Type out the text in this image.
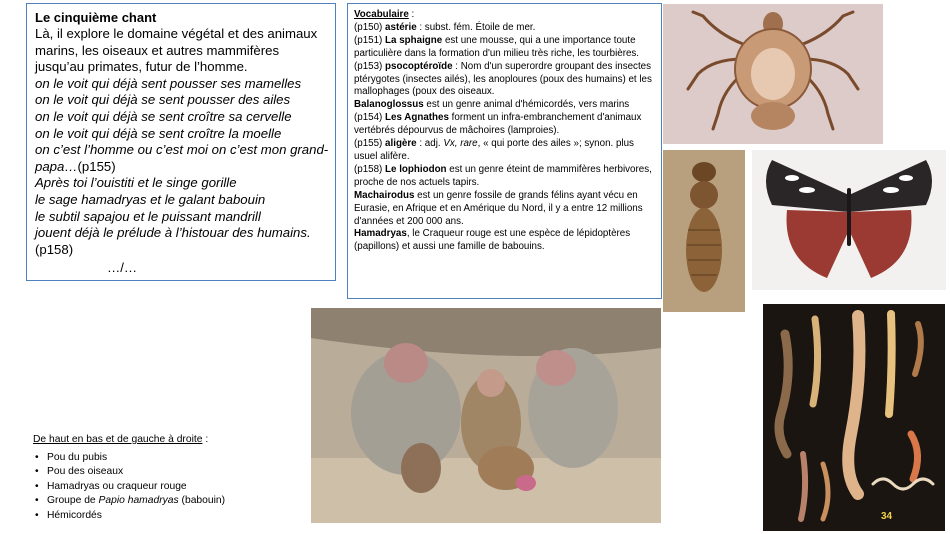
Le cinquième chant
Là, il explore le domaine végétal et des animaux marins, les oiseaux et autres mammifères jusqu’au primates, futur de l’homme.
on le voit qui déjà sent pousser ses mamelles
on le voit qui déjà se sent pousser des ailes
on le voit qui déjà se sent croître sa cervelle
on le voit qui déjà se sent croître la moelle
on c’est l’homme ou c’est moi on c’est mon grand-
papa…(p155)
Après toi l’ouistiti et le singe gorille
le sage hamadryas et le galant babouin
le subtil sapajou et le puissant mandrill
jouent déjà le prélude à l’histouar des humains.
(p158)
…/…

Vocabulaire :

(p150) astérie : subst. fém. Étoile de mer.

(p151) La sphaigne est une mousse, qui a une importance toute particulière dans la formation d'un milieu très riche, les tourbières.

(p153) psocoptéroïde : Nom d'un superordre groupant des insectes ptérygotes (insectes ailés), les anoploures (poux des humains) et les mallophages (poux des oiseaux.

Balanoglossus est un genre animal d'hémicordés, vers marins

(p154) Les Agnathes forment un infra-embranchement d'animaux vertébrés dépourvus de mâchoires (lamproies).

(p155) aligère : adj. Vx, rare, « qui porte des ailes »; synon. plus usuel alifère.

(p158) Le lophiodon est un genre éteint de mammifères herbivores, proche de nos actuels tapirs.

Machairodus est un genre fossile de grands félins ayant vécu en Eurasie, en Afrique et en Amérique du Nord, il y a entre 12 millions d'années et 200 000 ans.

Hamadryas, le Craqueur rouge est une espèce de lépidoptères (papillons) et aussi une famille de babouins.

34
De haut en bas et de gauche à droite :
• Pou du pubis
• Pou des oiseaux
• Hamadryas ou craqueur rouge
• Groupe de Papio hamadryas (babouin)
• Hémicordés
